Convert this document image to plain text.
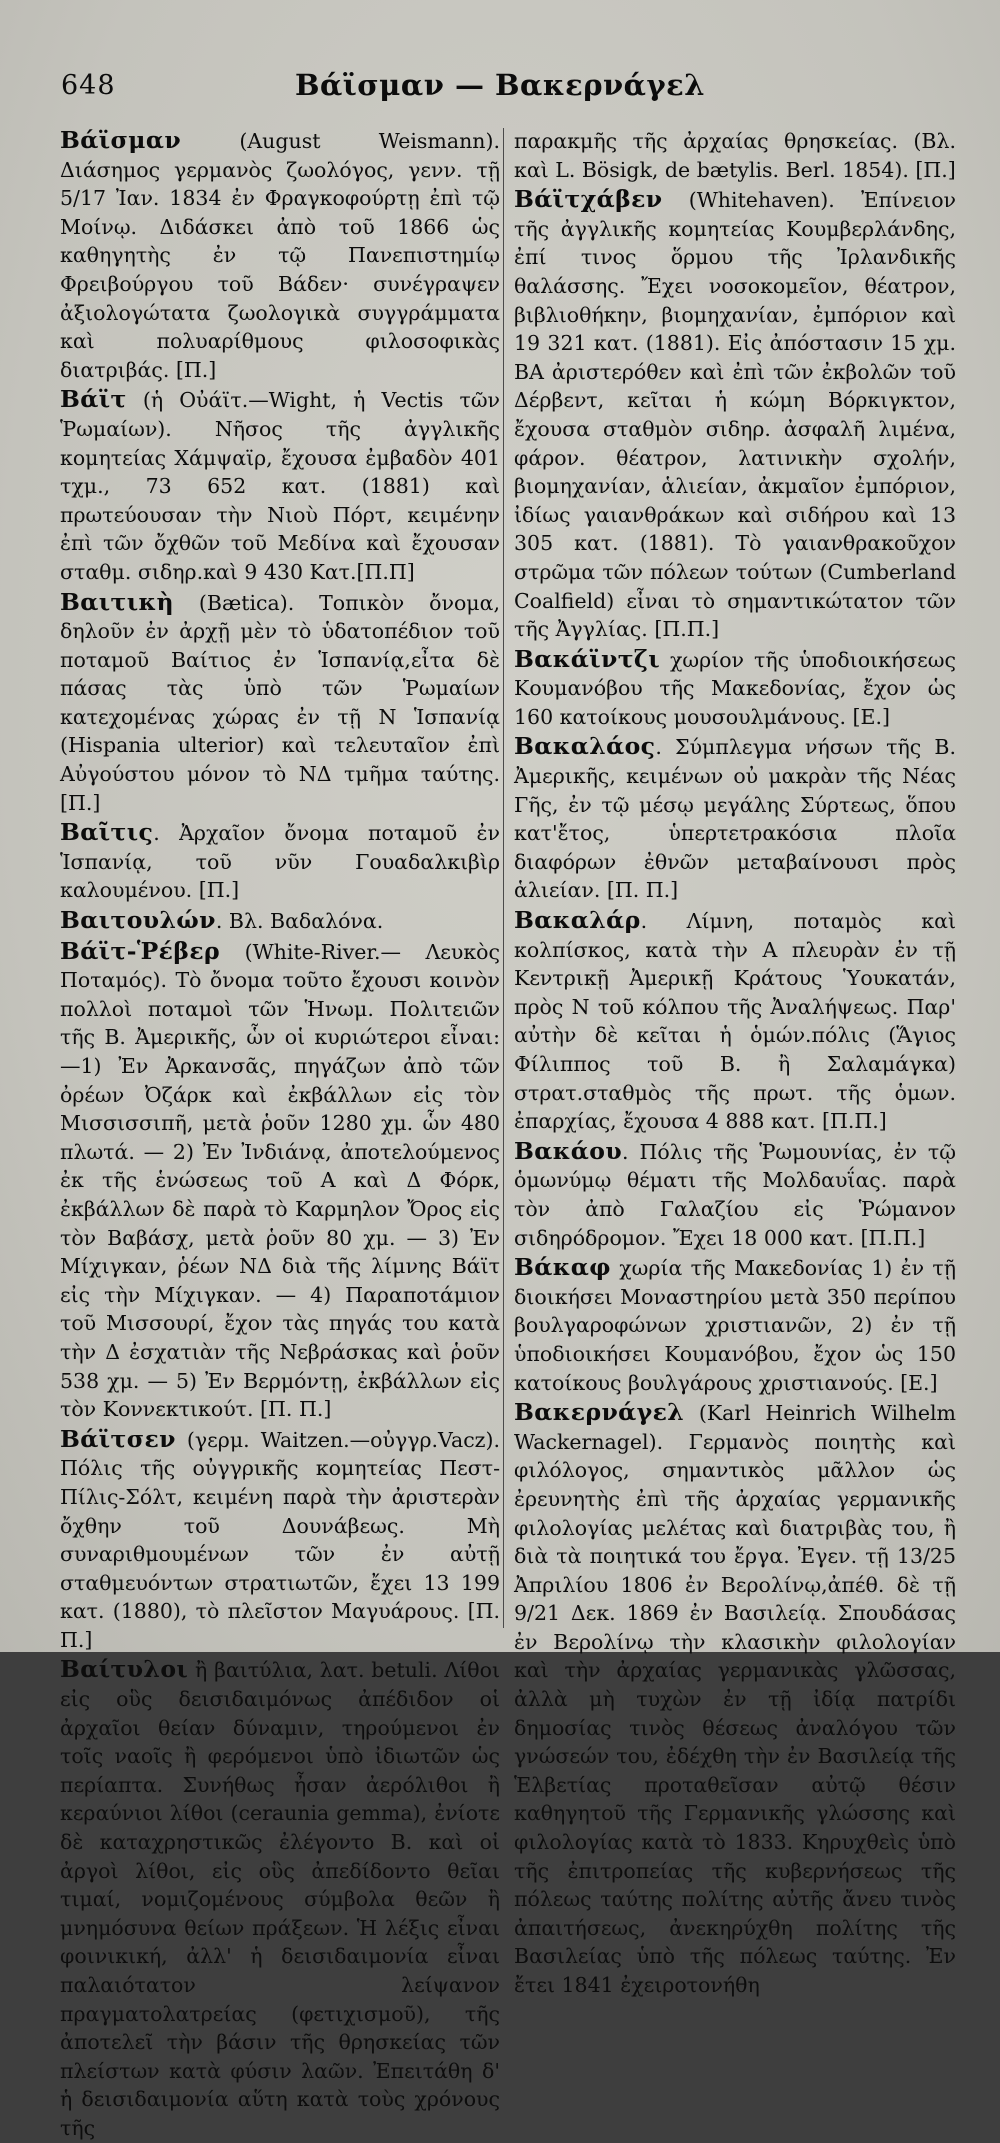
648	Βάϊσμαν — Βακερνάγελ

Βάϊσμαν (August Weismann). Διάσημος γερμανὸς ζωολόγος, γενν. τῇ 5/17 Ἰαν. 1834 ἐν Φραγκοφούρτῃ ἐπὶ τῷ Μοίνῳ. Διδάσκει ἀπὸ τοῦ 1866 ὡς καθηγητὴς ἐν τῷ Πανεπιστημίῳ Φρειβούργου τοῦ Βάδεν· συνέγραψεν ἀξιολογώτατα ζωολογικὰ συγγράμματα καὶ πολυαρίθμους φιλοσοφικὰς διατριβάς. [Π.]

Βάϊτ (ἡ Οὐάϊτ.—Wight, ἡ Vectis τῶν Ῥωμαίων). Νῆσος τῆς ἀγγλικῆς κομητείας Χάμψαϊρ, ἔχουσα ἐμβαδὸν 401 τχμ., 73 652 κατ. (1881) καὶ πρωτεύουσαν τὴν Νιοὺ Πόρτ, κειμένην ἐπὶ τῶν ὄχθῶν τοῦ Μεδίνα καὶ ἔχουσαν σταθμ. σιδηρ.καὶ 9 430 Κατ.[Π.Π]

Βαιτικὴ (Bætica). Τοπικὸν ὄνομα, δηλοῦν ἐν ἀρχῇ μὲν τὸ ὑδατοπέδιον τοῦ ποταμοῦ Βαίτιος ἐν Ἱσπανίᾳ,εἶτα δὲ πάσας τὰς ὑπὸ τῶν Ῥωμαίων κατεχομένας χώρας ἐν τῇ Ν Ἱσπανίᾳ (Hispania ulterior) καὶ τελευταῖον ἐπὶ Αὐγούστου μόνον τὸ ΝΔ τμῆμα ταύτης. [Π.]

Βαῖτις. Ἀρχαῖον ὄνομα ποταμοῦ ἐν Ἱσπανίᾳ, τοῦ νῦν Γουαδαλκιβὶρ καλουμένου. [Π.]

Βαιτουλών. Βλ. Βαδαλόνα.

Βάϊτ-Ῥέβερ (White-River.— Λευκὸς Ποταμός). Τὸ ὄνομα τοῦτο ἔχουσι κοινὸν πολλοὶ ποταμοὶ τῶν Ἡνωμ. Πολιτειῶν τῆς Β. Ἀμερικῆς, ὧν οἱ κυριώτεροι εἶναι:—1) Ἐν Ἀρκανσᾶς, πηγάζων ἀπὸ τῶν ὀρέων Ὀζάρκ καὶ ἐκβάλλων εἰς τὸν Μισσισσιπῆ, μετὰ ῥοῦν 1280 χμ. ὧν 480 πλωτά. — 2) Ἐν Ἰνδιάνᾳ, ἀποτελούμενος ἐκ τῆς ἑνώσεως τοῦ Α καὶ Δ Φόρκ, ἐκβάλλων δὲ παρὰ τὸ Καρμηλον Ὄρος εἰς τὸν Βαβάσχ, μετὰ ῥοῦν 80 χμ. — 3) Ἐν Μίχιγκαν, ῥέων ΝΔ διὰ τῆς λίμνης Βάϊτ εἰς τὴν Μίχιγκαν. — 4) Παραποτάμιον τοῦ Μισσουρί, ἔχον τὰς πηγάς του κατὰ τὴν Δ ἐσχατιὰν τῆς Νεβράσκας καὶ ῥοῦν 538 χμ. — 5) Ἐν Βερμόντῃ, ἐκβάλλων εἰς τὸν Κοννεκτικούτ. [Π. Π.]

Βάϊτσεν (γερμ. Waitzen.—οὐγγρ.Vacz). Πόλις τῆς οὐγγρικῆς κομητείας Πεστ-Πίλις-Σόλτ, κειμένη παρὰ τὴν ἀριστερὰν ὄχθην τοῦ Δουνάβεως. Μὴ συναριθμουμένων τῶν ἐν αὐτῇ σταθμευόντων στρατιωτῶν, ἔχει 13 199 κατ. (1880), τὸ πλεῖστον Μαγυάρους. [Π. Π.]

Βαίτυλοι ἢ βαιτύλια, λατ. betuli. Λίθοι εἰς οὓς δεισιδαιμόνως ἀπέδιδον οἱ ἀρχαῖοι θείαν δύναμιν, τηρούμενοι ἐν τοῖς ναοῖς ἢ φερόμενοι ὑπὸ ἰδιωτῶν ὡς περίαπτα. Συνήθως ἦσαν ἀερόλιθοι ἢ κεραύνιοι λίθοι (ceraunia gemma), ἐνίοτε δὲ καταχρηστικῶς ἐλέγοντο Β. καὶ οἱ ἀργοὶ λίθοι, εἰς οὓς ἀπεδίδοντο θεῖαι τιμαί, νομιζομένους σύμβολα θεῶν ἢ μνημόσυνα θείων πράξεων. Ἡ λέξις εἶναι φοινικική, ἀλλ' ἡ δεισιδαιμονία εἶναι παλαιότατον λείψανον πραγματολατρείας (φετιχισμοῦ), τῆς ἀποτελεῖ τὴν βάσιν τῆς θρησκείας τῶν πλείστων κατὰ φύσιν λαῶν. Ἐπειτάθη δ' ἡ δεισιδαιμονία αὕτη κατὰ τοὺς χρόνους τῆς

παρακμῆς τῆς ἀρχαίας θρησκείας. (Βλ. καὶ L. Bösigk, de bætylis. Berl. 1854). [Π.]

Βάϊτχάβεν (Whitehaven). Ἐπίνειον τῆς ἀγγλικῆς κομητείας Κουμβερλάνδης, ἐπί τινος ὅρμου τῆς Ἰρλανδικῆς θαλάσσης. Ἔχει νοσοκομεῖον, θέατρον, βιβλιοθήκην, βιομηχανίαν, ἐμπόριον καὶ 19 321 κατ. (1881). Εἰς ἀπόστασιν 15 χμ. ΒΑ ἀριστερόθεν καὶ ἐπὶ τῶν ἐκβολῶν τοῦ Δέρβεντ, κεῖται ἡ κώμη Βόρκιγκτον, ἔχουσα σταθμὸν σιδηρ. ἀσφαλῆ λιμένα, φάρον. θέατρον, λατινικὴν σχολήν, βιομηχανίαν, ἁλιείαν, ἀκμαῖον ἐμπόριον, ἰδίως γαιανθράκων καὶ σιδήρου καὶ 13 305 κατ. (1881). Τὸ γαιανθρακοῦχον στρῶμα τῶν πόλεων τούτων (Cumberland Coalfield) εἶναι τὸ σημαντικώτατον τῶν τῆς Ἀγγλίας. [Π.Π.]

Βακάϊντζι χωρίον τῆς ὑποδιοικήσεως Κουμανόβου τῆς Μακεδονίας, ἔχον ὡς 160 κατοίκους μουσουλμάνους. [Ε.]

Βακαλάος. Σύμπλεγμα νήσων τῆς Β. Ἀμερικῆς, κειμένων οὐ μακρὰν τῆς Νέας Γῆς, ἐν τῷ μέσῳ μεγάλης Σύρτεως, ὅπου κατ'ἔτος, ὑπερτετρακόσια πλοῖα διαφόρων ἐθνῶν μεταβαίνουσι πρὸς ἁλιείαν. [Π. Π.]

Βακαλάρ. Λίμνη, ποταμὸς καὶ κολπίσκος, κατὰ τὴν Α πλευρὰν ἐν τῇ Κεντρικῇ Ἀμερικῇ Κράτους Ὑουκατάν, πρὸς Ν τοῦ κόλπου τῆς Ἀναλήψεως. Παρ' αὐτὴν δὲ κεῖται ἡ ὁμών.πόλις (Ἅγιος Φίλιππος τοῦ Β. ἢ Σαλαμάγκα) στρατ.σταθμὸς τῆς πρωτ. τῆς ὁμων. ἐπαρχίας, ἔχουσα 4 888 κατ. [Π.Π.]

Βακάου. Πόλις τῆς Ῥωμουνίας, ἐν τῷ ὁμωνύμῳ θέματι τῆς Μολδαυΐας. παρὰ τὸν ἀπὸ Γαλαζίου εἰς Ῥώμανον σιδηρόδρομον. Ἔχει 18 000 κατ. [Π.Π.]

Βάκαφ χωρία τῆς Μακεδονίας 1) ἐν τῇ διοικήσει Μοναστηρίου μετὰ 350 περίπου βουλγαροφώνων χριστιανῶν, 2) ἐν τῇ ὑποδιοικήσει Κουμανόβου, ἔχον ὡς 150 κατοίκους βουλγάρους χριστιανούς. [Ε.]

Βακερνάγελ (Karl Heinrich Wilhelm Wackernagel). Γερμανὸς ποιητὴς καὶ φιλόλογος, σημαντικὸς μᾶλλον ὡς ἐρευνητὴς ἐπὶ τῆς ἀρχαίας γερμανικῆς φιλολογίας μελέτας καὶ διατριβὰς του, ἢ διὰ τὰ ποιητικά του ἔργα. Ἐγεν. τῇ 13/25 Ἀπριλίου 1806 ἐν Βερολίνῳ,ἀπέθ. δὲ τῇ 9/21 Δεκ. 1869 ἐν Βασιλείᾳ. Σπουδάσας ἐν Βερολίνῳ τὴν κλασικὴν φιλολογίαν καὶ τὴν ἀρχαίας γερμανικὰς γλῶσσας, ἀλλὰ μὴ τυχὼν ἐν τῇ ἰδίᾳ πατρίδι δημοσίας τινὸς θέσεως ἀναλόγου τῶν γνώσεών του, ἐδέχθη τὴν ἐν Βασιλείᾳ τῆς Ἑλβετίας προταθεῖσαν αὐτῷ θέσιν καθηγητοῦ τῆς Γερμανικῆς γλώσσης καὶ φιλολογίας κατὰ τὸ 1833. Κηρυχθεὶς ὑπὸ τῆς ἐπιτροπείας τῆς κυβερνήσεως τῆς πόλεως ταύτης πολίτης αὐτῆς ἄνευ τινὸς ἀπαιτήσεως, ἀνεκηρύχθη πολίτης τῆς Βασιλείας ὑπὸ τῆς πόλεως ταύτης. Ἐν ἔτει 1841 ἐχειροτονήθη
